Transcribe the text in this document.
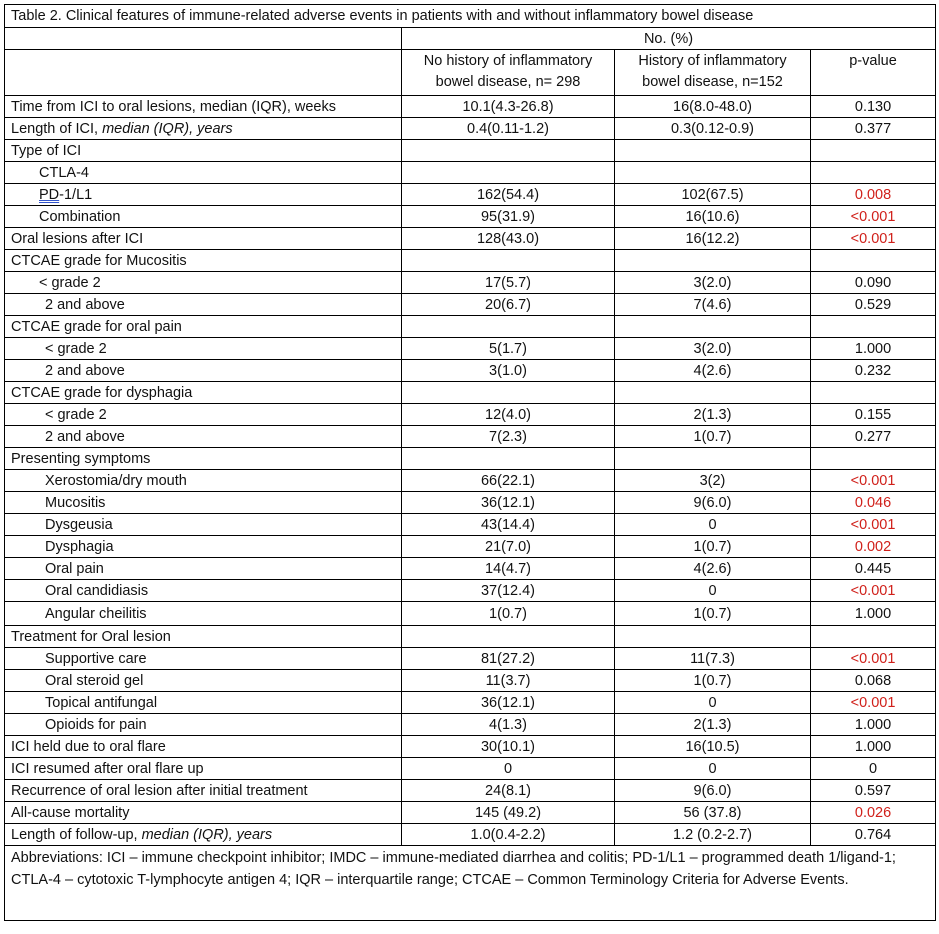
Table 2. Clinical features of immune-related adverse events in patients with and without inflammatory bowel disease			
	No. (%)		
	No history of inflammatory bowel disease, n= 298	History of inflammatory bowel disease, n=152	p-value
Time from ICI to oral lesions, median (IQR), weeks	10.1(4.3-26.8)	16(8.0-48.0)	0.130
Length of ICI, median (IQR), years	0.4(0.11-1.2)	0.3(0.12-0.9)	0.377
Type of ICI			
CTLA-4			
PD-1/L1	162(54.4)	102(67.5)	0.008
Combination	95(31.9)	16(10.6)	<0.001
Oral lesions after ICI	128(43.0)	16(12.2)	<0.001
CTCAE grade for Mucositis			
< grade 2	17(5.7)	3(2.0)	0.090
2 and above	20(6.7)	7(4.6)	0.529
CTCAE grade for oral pain			
< grade 2	5(1.7)	3(2.0)	1.000
2 and above	3(1.0)	4(2.6)	0.232
CTCAE grade for dysphagia			
< grade 2	12(4.0)	2(1.3)	0.155
2 and above	7(2.3)	1(0.7)	0.277
Presenting symptoms			
Xerostomia/dry mouth	66(22.1)	3(2)	<0.001
Mucositis	36(12.1)	9(6.0)	0.046
Dysgeusia	43(14.4)	0	<0.001
Dysphagia	21(7.0)	1(0.7)	0.002
Oral pain	14(4.7)	4(2.6)	0.445
Oral candidiasis	37(12.4)	0	<0.001
Angular cheilitis	1(0.7)	1(0.7)	1.000
Treatment for Oral lesion			
Supportive care	81(27.2)	11(7.3)	<0.001
Oral steroid gel	11(3.7)	1(0.7)	0.068
Topical antifungal	36(12.1)	0	<0.001
Opioids for pain	4(1.3)	2(1.3)	1.000
ICI held due to oral flare	30(10.1)	16(10.5)	1.000
ICI resumed after oral flare up	0	0	0
Recurrence of oral lesion after initial treatment	24(8.1)	9(6.0)	0.597
All-cause mortality	145 (49.2)	56 (37.8)	0.026
Length of follow-up, median (IQR), years	1.0(0.4-2.2)	1.2 (0.2-2.7)	0.764
Abbreviations: ICI – immune checkpoint inhibitor; IMDC – immune-mediated diarrhea and colitis; PD-1/L1 – programmed death 1/ligand-1; CTLA-4 – cytotoxic T-lymphocyte antigen 4; IQR – interquartile range; CTCAE – Common Terminology Criteria for Adverse Events.			
